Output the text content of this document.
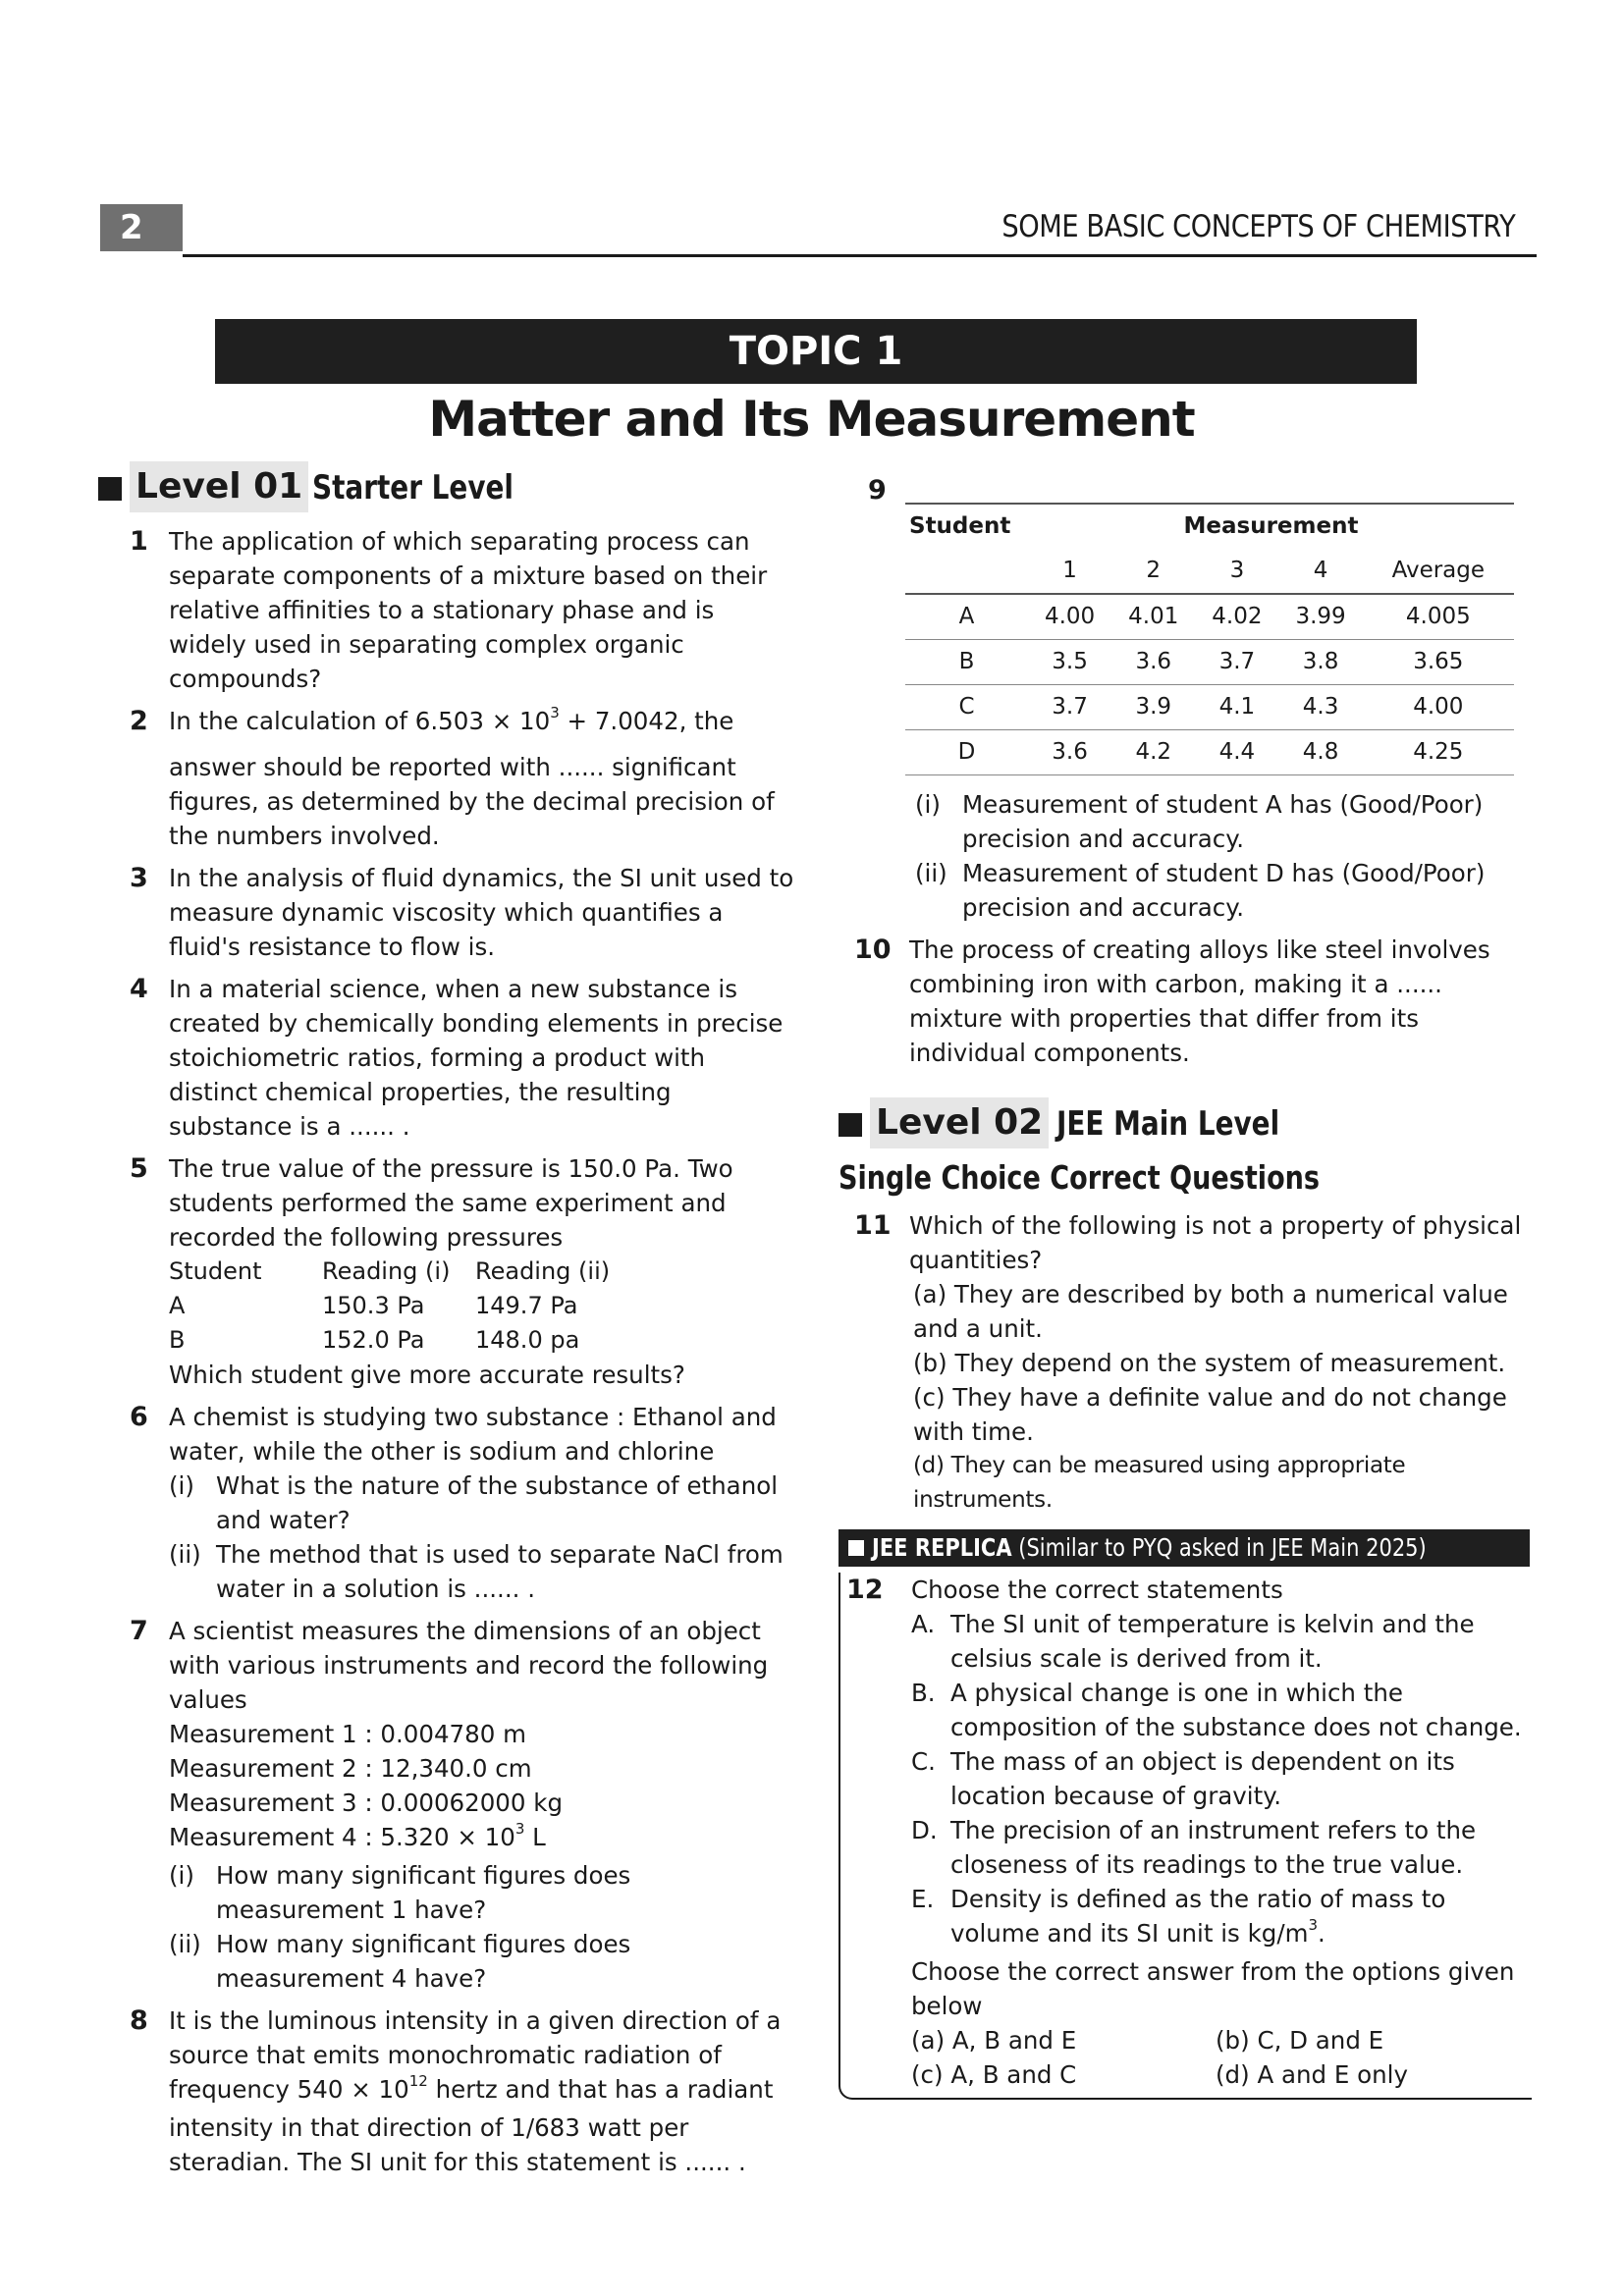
2	SOME BASIC CONCEPTS OF CHEMISTRY
TOPIC 1
Matter and Its Measurement
Level 01 Starter Level
1 The application of which separating process can separate components of a mixture based on their relative affinities to a stationary phase and is widely used in separating complex organic compounds?
2 In the calculation of $6.503 \times 10^3 + 7.0042$, the
answer should be reported with ...... significant figures, as determined by the decimal precision of the numbers involved.
3 In the analysis of fluid dynamics, the SI unit used to measure dynamic viscosity which quantifies a fluid's resistance to flow is.
4 In a material science, when a new substance is created by chemically bonding elements in precise stoichiometric ratios, forming a product with distinct chemical properties, the resulting substance is a ...... .
5 The true value of the pressure is 150.0 Pa. Two students performed the same experiment and recorded the following pressures
Student	Reading (i)	Reading (ii)
A	150.3 Pa	149.7 Pa
B	152.0 Pa	148.0 pa
Which student give more accurate results?
6 A chemist is studying two substance : Ethanol and water, while the other is sodium and chlorine
(i) What is the nature of the substance of ethanol and water?
(ii) The method that is used to separate NaCl from water in a solution is ...... .
7 A scientist measures the dimensions of an object with various instruments and record the following values
Measurement 1 : 0.004780 m
Measurement 2 : 12,340.0 cm
Measurement 3 : 0.00062000 kg
Measurement 4 : $5.320 \times 10^3$ L
(i) How many significant figures does measurement 1 have?
(ii) How many significant figures does measurement 4 have?
8 It is the luminous intensity in a given direction of a source that emits monochromatic radiation of frequency $540 \times 10^{12}$ hertz and that has a radiant intensity in that direction of 1/683 watt per steradian. The SI unit for this statement is ...... .
9
Student	Measurement				
	1	2	3	4	Average
A	4.00	4.01	4.02	3.99	4.005
B	3.5	3.6	3.7	3.8	3.65
C	3.7	3.9	4.1	4.3	4.00
D	3.6	4.2	4.4	4.8	4.25
(i) Measurement of student A has (Good/Poor) precision and accuracy.
(ii) Measurement of student D has (Good/Poor) precision and accuracy.
10 The process of creating alloys like steel involves combining iron with carbon, making it a ...... mixture with properties that differ from its individual components.
Level 02 JEE Main Level
Single Choice Correct Questions
11 Which of the following is not a property of physical quantities?
(a) They are described by both a numerical value and a unit.
(b) They depend on the system of measurement.
(c) They have a definite value and do not change with time.
(d) They can be measured using appropriate instruments.
JEE REPLICA (Similar to PYQ asked in JEE Main 2025)
12 Choose the correct statements
A. The SI unit of temperature is kelvin and the celsius scale is derived from it.
B. A physical change is one in which the composition of the substance does not change.
C. The mass of an object is dependent on its location because of gravity.
D. The precision of an instrument refers to the closeness of its readings to the true value.
E. Density is defined as the ratio of mass to volume and its SI unit is $kg/m^3$.
Choose the correct answer from the options given below
(a) A, B and E	(b) C, D and E
(c) A, B and C	(d) A and E only
